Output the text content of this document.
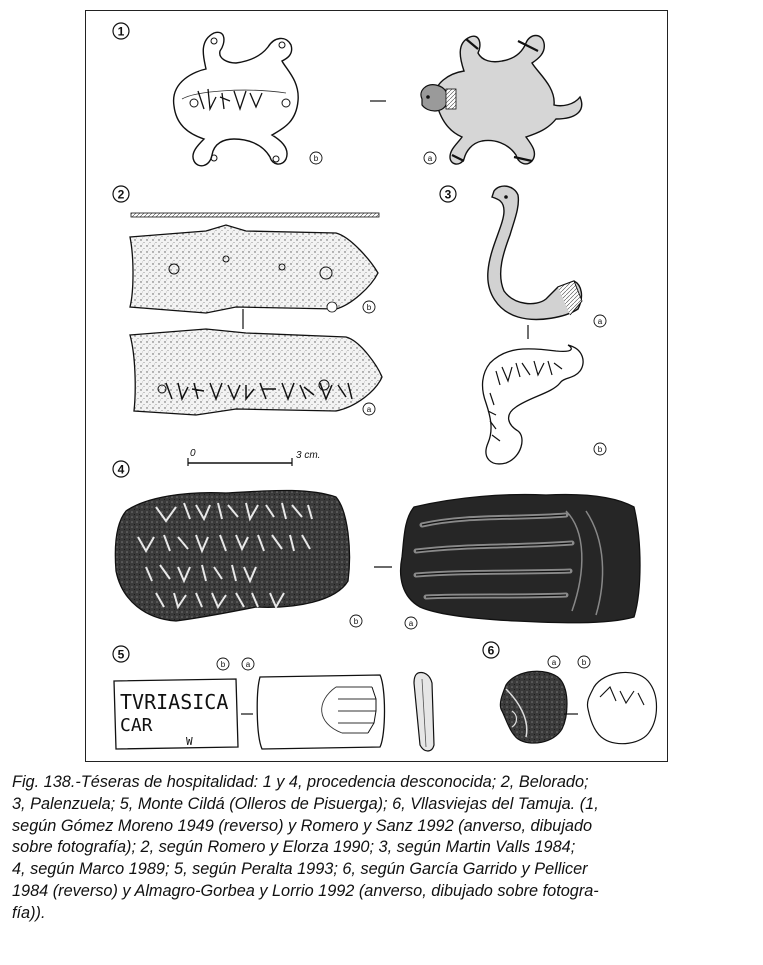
1
b	a
2
b
a
0	3 cm.
3
a
b
4
b	a
5
b	a
TVRIASICA
CAR
W
6
a	b
Fig. 138.-Téseras de hospitalidad: 1 y 4, procedencia desconocida; 2, Belorado;
3, Palenzuela; 5, Monte Cildá (Olleros de Pisuerga); 6, Vllasviejas del Tamuja. (1,
según Gómez Moreno 1949 (reverso) y Romero y Sanz 1992 (anverso, dibujado
sobre fotografía); 2, según Romero y Elorza 1990; 3, según Martin Valls 1984;
4, según Marco 1989; 5, según Peralta 1993; 6, según García Garrido y Pellicer
1984 (reverso) y Almagro-Gorbea y Lorrio 1992 (anverso, dibujado sobre fotogra-
fía)).
